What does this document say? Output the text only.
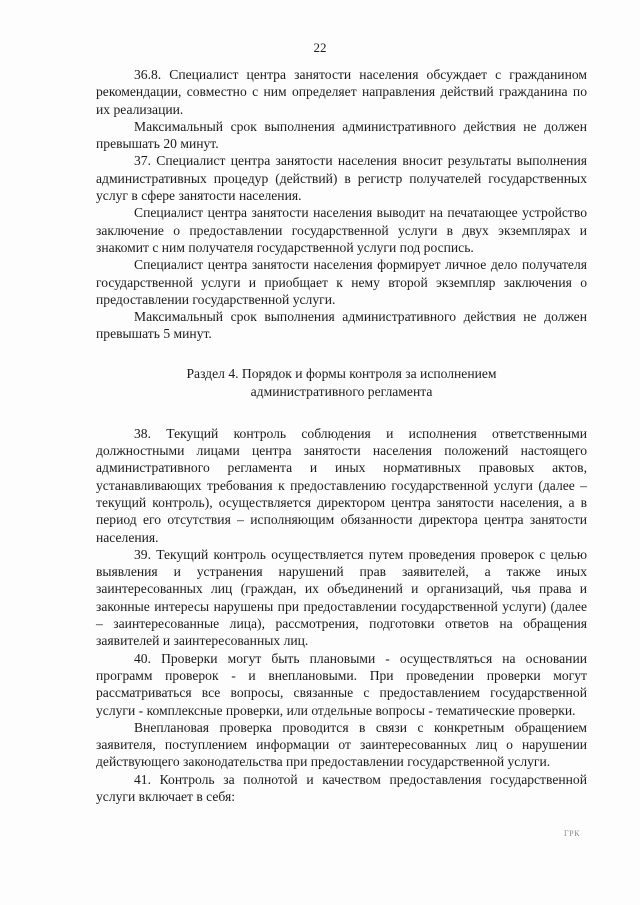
22

36.8. Специалист центра занятости населения обсуждает с гражданином рекомендации, совместно с ним определяет направления действий гражданина по их реализации.

Максимальный срок выполнения административного действия не должен превышать 20 минут.

37. Специалист центра занятости населения вносит результаты выполнения административных процедур (действий) в регистр получателей государственных услуг в сфере занятости населения.

Специалист центра занятости населения выводит на печатающее устройство заключение о предоставлении государственной услуги в двух экземплярах и знакомит с ним получателя государственной услуги под роспись.

Специалист центра занятости населения формирует личное дело получателя государственной услуги и приобщает к нему второй экземпляр заключения о предоставлении государственной услуги.

Максимальный срок выполнения административного действия не должен превышать 5 минут.

Раздел 4. Порядок и формы контроля за исполнением
административного регламента

38. Текущий контроль соблюдения и исполнения ответственными должностными лицами центра занятости населения положений настоящего административного регламента и иных нормативных правовых актов, устанавливающих требования к предоставлению государственной услуги (далее – текущий контроль), осуществляется директором центра занятости населения, а в период его отсутствия – исполняющим обязанности директора центра занятости населения.

39. Текущий контроль осуществляется путем проведения проверок с целью выявления и устранения нарушений прав заявителей, а также иных заинтересованных лиц (граждан, их объединений и организаций, чья права и законные интересы нарушены при предоставлении государственной услуги) (далее – заинтересованные лица), рассмотрения, подготовки ответов на обращения заявителей и заинтересованных лиц.

40. Проверки могут быть плановыми - осуществляться на основании программ проверок - и внеплановыми. При проведении проверки могут рассматриваться все вопросы, связанные с предоставлением государственной услуги - комплексные проверки, или отдельные вопросы - тематические проверки.

Внеплановая проверка проводится в связи с конкретным обращением заявителя, поступлением информации от заинтересованных лиц о нарушении действующего законодательства при предоставлении государственной услуги.

41. Контроль за полнотой и качеством предоставления государственной услуги включает в себя:

ГРК
